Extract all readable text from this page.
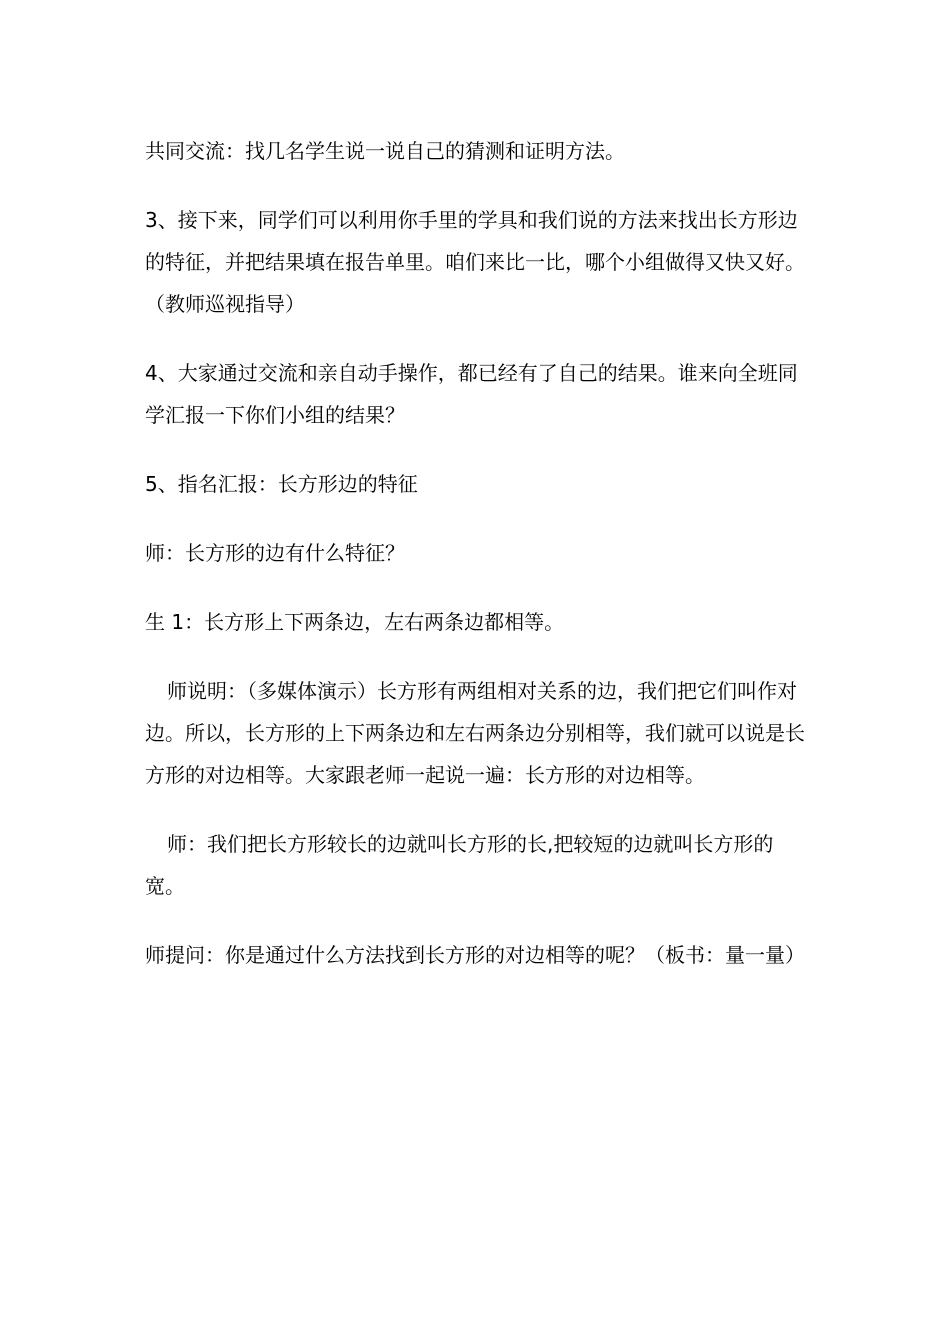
共同交流：找几名学生说一说自己的猜测和证明方法。

3、接下来，同学们可以利用你手里的学具和我们说的方法来找出长方形边的特征，并把结果填在报告单里。咱们来比一比，哪个小组做得又快又好。（教师巡视指导）

4、大家通过交流和亲自动手操作，都已经有了自己的结果。谁来向全班同学汇报一下你们小组的结果？

5、指名汇报：长方形边的特征

师：长方形的边有什么特征？

生 1：长方形上下两条边，左右两条边都相等。

师说明：（多媒体演示）长方形有两组相对关系的边，我们把它们叫作对边。所以，长方形的上下两条边和左右两条边分别相等，我们就可以说是长方形的对边相等。大家跟老师一起说一遍：长方形的对边相等。

师：我们把长方形较长的边就叫长方形的长,把较短的边就叫长方形的宽。

师提问：你是通过什么方法找到长方形的对边相等的呢？（板书：量一量）
